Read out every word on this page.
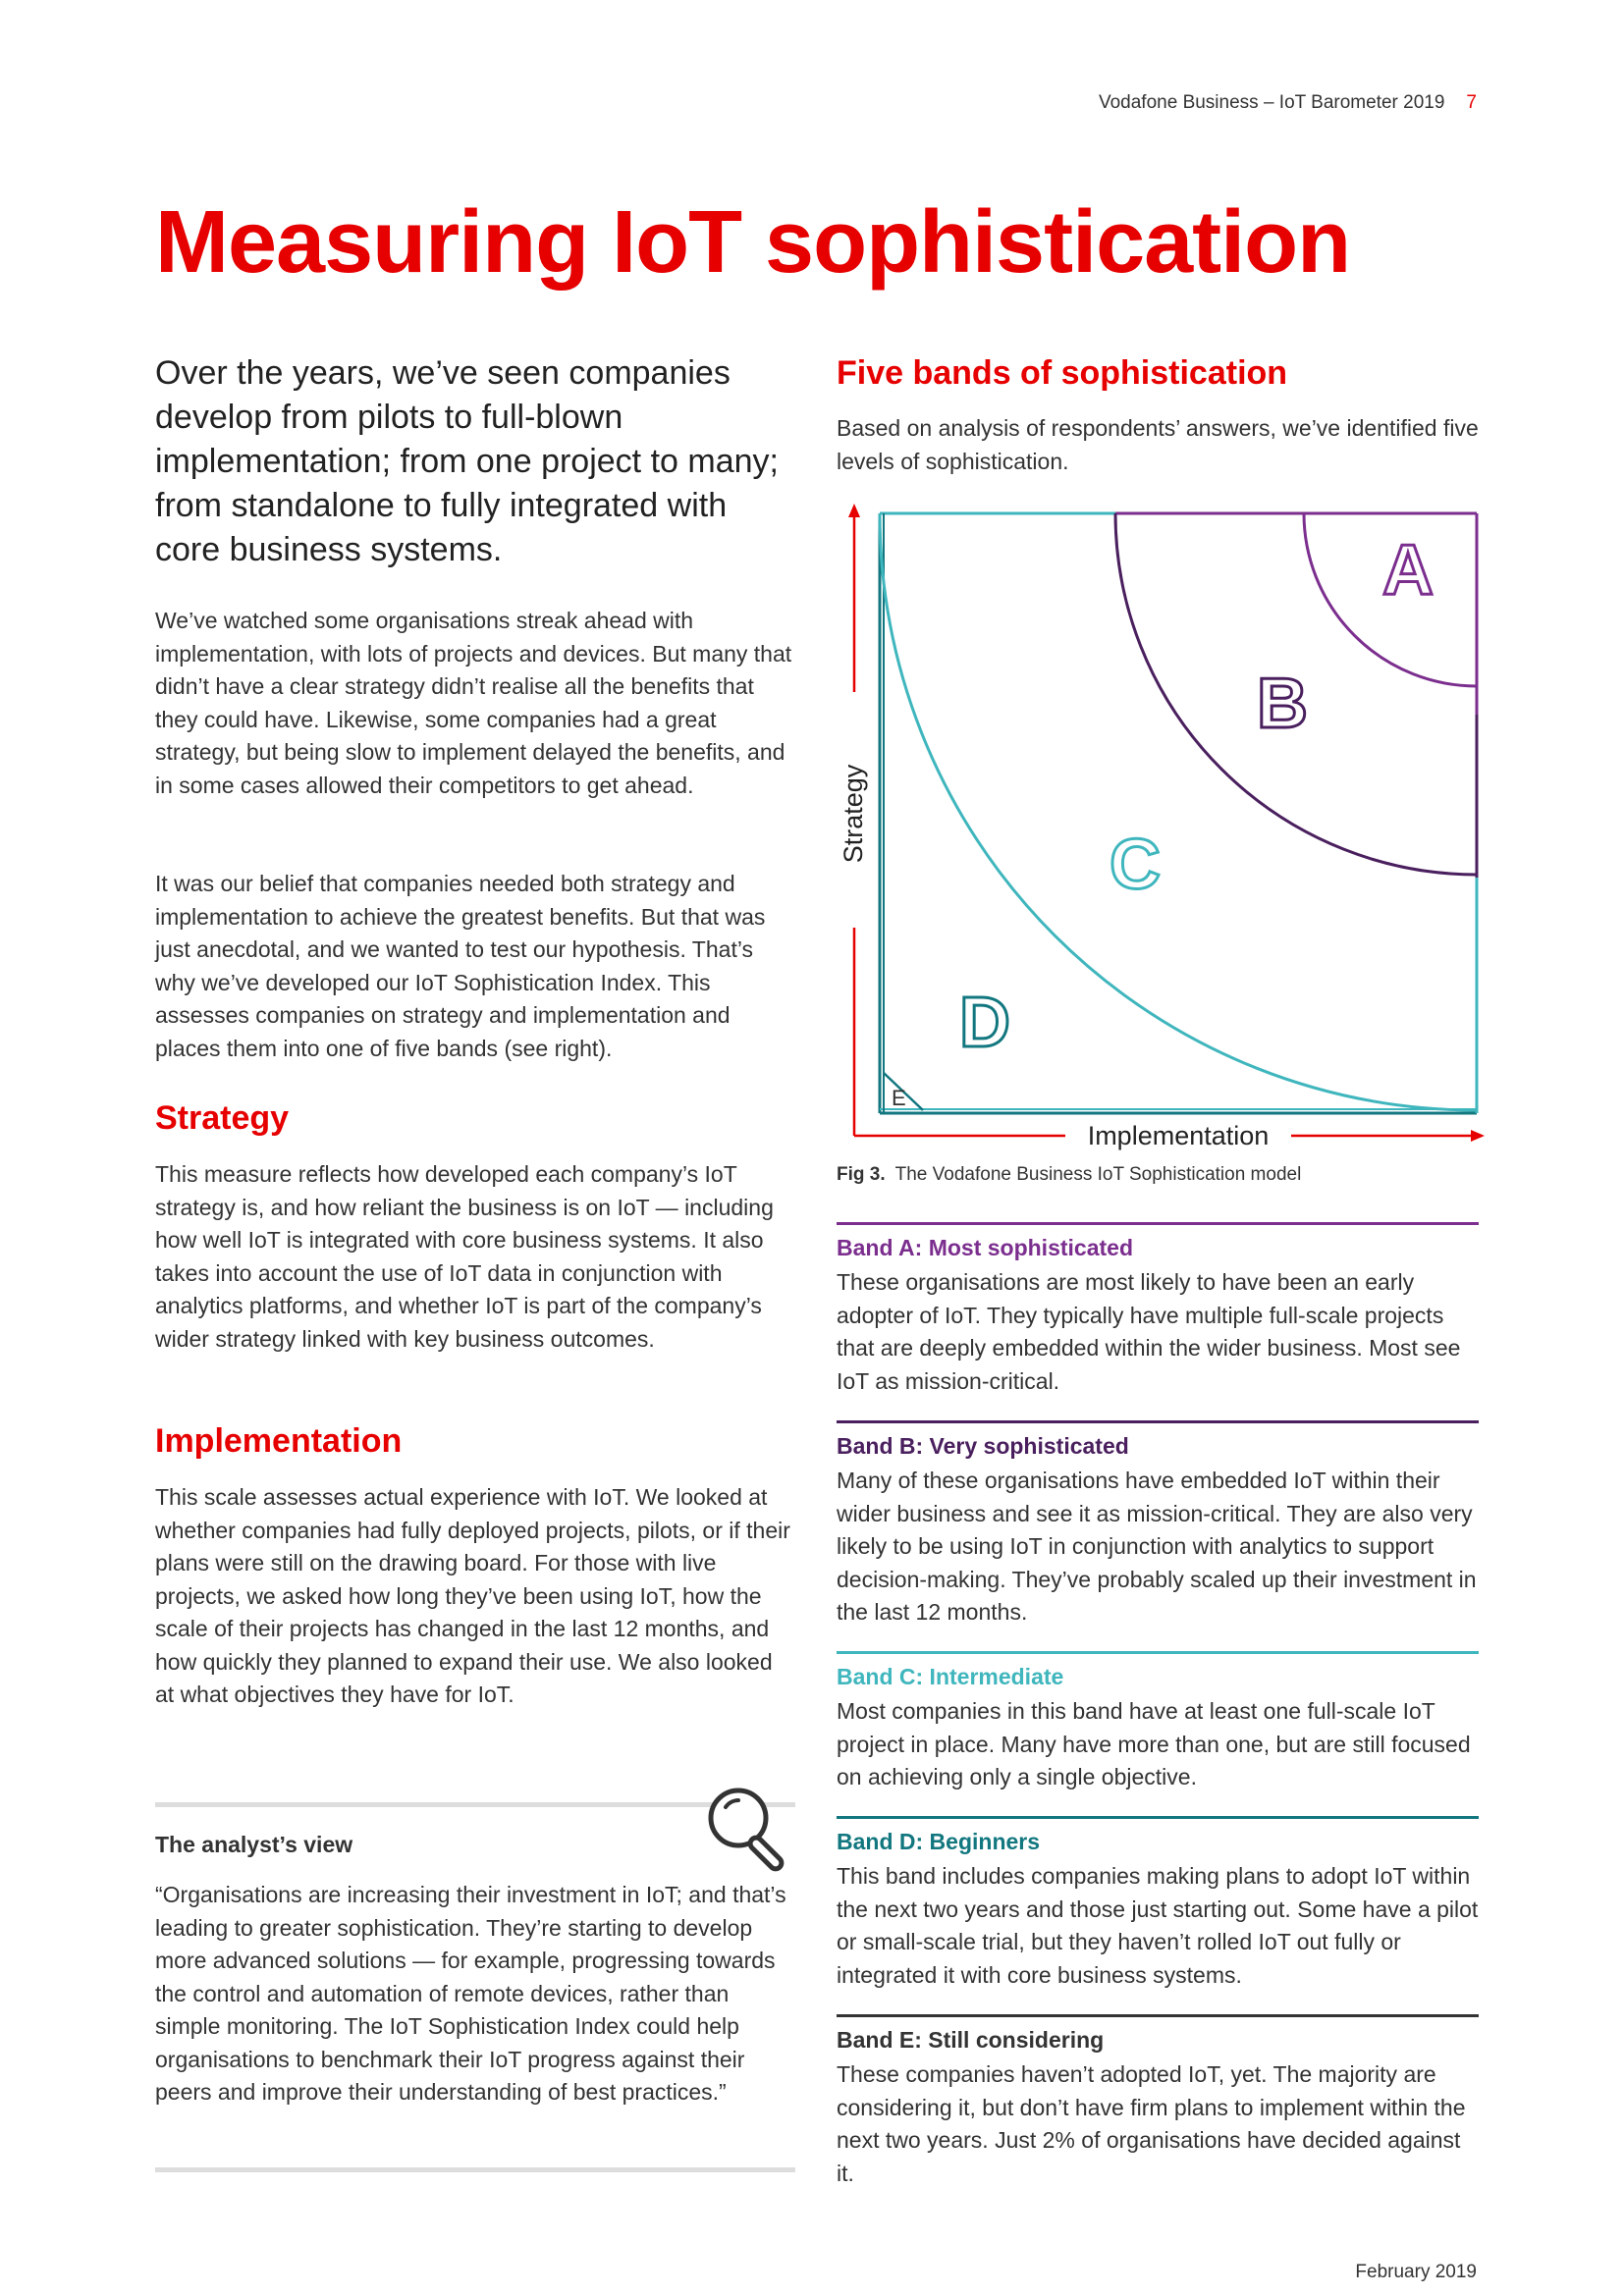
Vodafone Business – IoT Barometer 2019 7
Measuring IoT sophistication

Over the years, we’ve seen companies develop from pilots to full-blown implementation; from one project to many; from standalone to fully integrated with core business systems.

We’ve watched some organisations streak ahead with implementation, with lots of projects and devices. But many that didn’t have a clear strategy didn’t realise all the benefits that they could have. Likewise, some companies had a great strategy, but being slow to implement delayed the benefits, and in some cases allowed their competitors to get ahead.

It was our belief that companies needed both strategy and implementation to achieve the greatest benefits. But that was just anecdotal, and we wanted to test our hypothesis. That’s why we’ve developed our IoT Sophistication Index. This assesses companies on strategy and implementation and places them into one of five bands (see right).

Strategy

This measure reflects how developed each company’s IoT strategy is, and how reliant the business is on IoT — including how well IoT is integrated with core business systems. It also takes into account the use of IoT data in conjunction with analytics platforms, and whether IoT is part of the company’s wider strategy linked with key business outcomes.

Implementation

This scale assesses actual experience with IoT. We looked at whether companies had fully deployed projects, pilots, or if their plans were still on the drawing board. For those with live projects, we asked how long they’ve been using IoT, how the scale of their projects has changed in the last 12 months, and how quickly they planned to expand their use. We also looked at what objectives they have for IoT.

The analyst’s view

“Organisations are increasing their investment in IoT; and that’s leading to greater sophistication. They’re starting to develop more advanced solutions — for example, progressing towards the control and automation of remote devices, rather than simple monitoring. The IoT Sophistication Index could help organisations to benchmark their IoT progress against their peers and improve their understanding of best practices.”

Five bands of sophistication

Based on analysis of respondents’ answers, we’ve identified five levels of sophistication.

Strategy
Implementation
A
B
C
D
E
Fig 3. The Vodafone Business IoT Sophistication model

Band A: Most sophisticated

These organisations are most likely to have been an early adopter of IoT. They typically have multiple full-scale projects that are deeply embedded within the wider business. Most see IoT as mission-critical.

Band B: Very sophisticated

Many of these organisations have embedded IoT within their wider business and see it as mission-critical. They are also very likely to be using IoT in conjunction with analytics to support decision-making. They’ve probably scaled up their investment in the last 12 months.

Band C: Intermediate

Most companies in this band have at least one full-scale IoT project in place. Many have more than one, but are still focused on achieving only a single objective.

Band D: Beginners

This band includes companies making plans to adopt IoT within the next two years and those just starting out. Some have a pilot or small-scale trial, but they haven’t rolled IoT out fully or integrated it with core business systems.

Band E: Still considering

These companies haven’t adopted IoT, yet. The majority are considering it, but don’t have firm plans to implement within the next two years. Just 2% of organisations have decided against it.

February 2019
